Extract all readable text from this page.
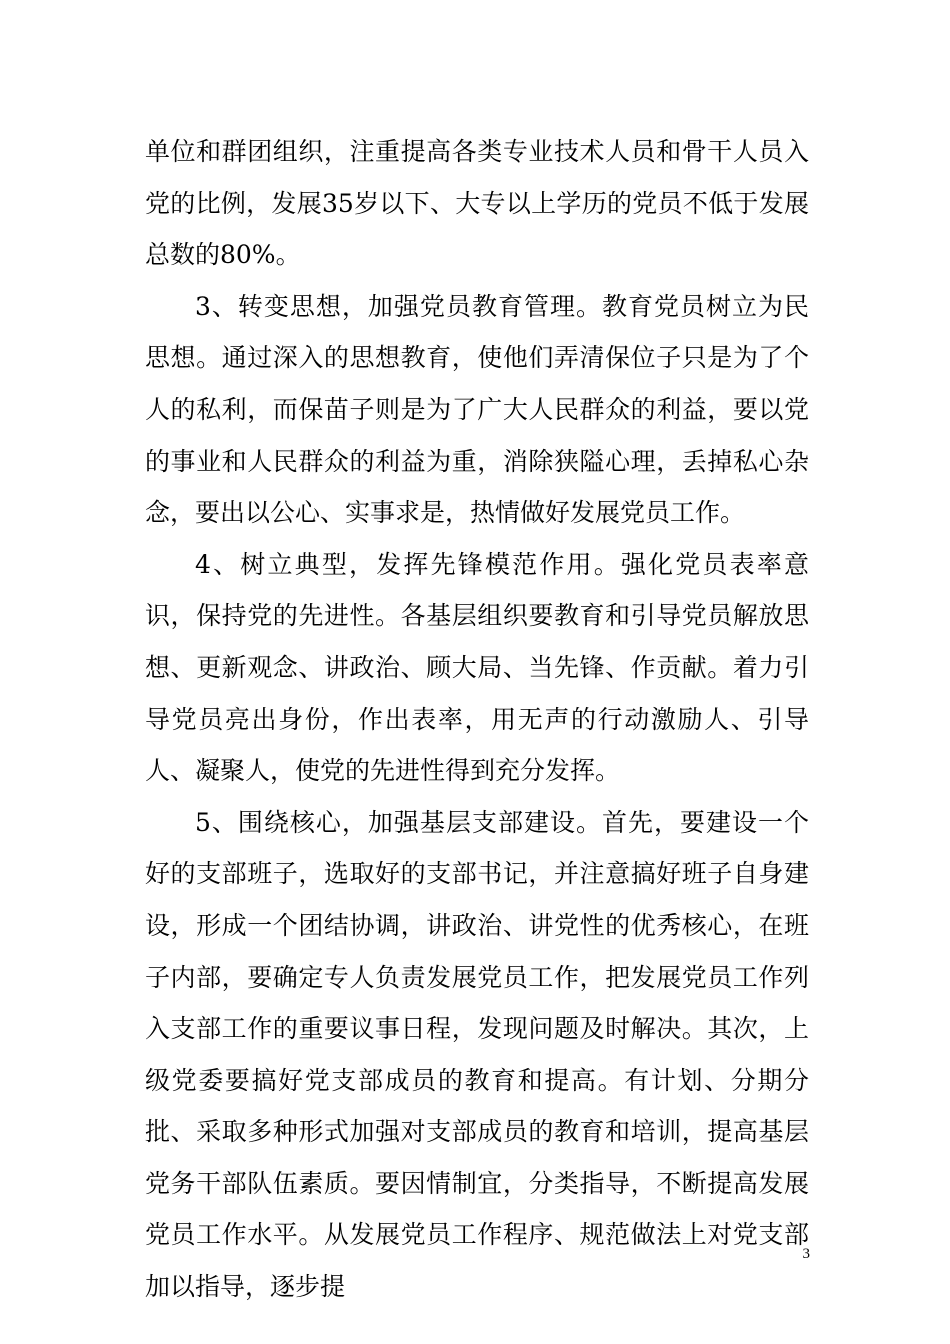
单位和群团组织，注重提高各类专业技术人员和骨干人员入党的比例，发展35岁以下、大专以上学历的党员不低于发展总数的80%。

3、转变思想，加强党员教育管理。教育党员树立为民思想。通过深入的思想教育，使他们弄清保位子只是为了个人的私利，而保苗子则是为了广大人民群众的利益，要以党的事业和人民群众的利益为重，消除狭隘心理，丢掉私心杂念，要出以公心、实事求是，热情做好发展党员工作。

4、树立典型，发挥先锋模范作用。强化党员表率意识，保持党的先进性。各基层组织要教育和引导党员解放思想、更新观念、讲政治、顾大局、当先锋、作贡献。着力引导党员亮出身份，作出表率，用无声的行动激励人、引导人、凝聚人，使党的先进性得到充分发挥。

5、围绕核心，加强基层支部建设。首先，要建设一个好的支部班子，选取好的支部书记，并注意搞好班子自身建设，形成一个团结协调，讲政治、讲党性的优秀核心，在班子内部，要确定专人负责发展党员工作，把发展党员工作列入支部工作的重要议事日程，发现问题及时解决。其次，上级党委要搞好党支部成员的教育和提高。有计划、分期分批、采取多种形式加强对支部成员的教育和培训，提高基层党务干部队伍素质。要因情制宜，分类指导，不断提高发展党员工作水平。从发展党员工作程序、规范做法上对党支部加以指导，逐步提

3
